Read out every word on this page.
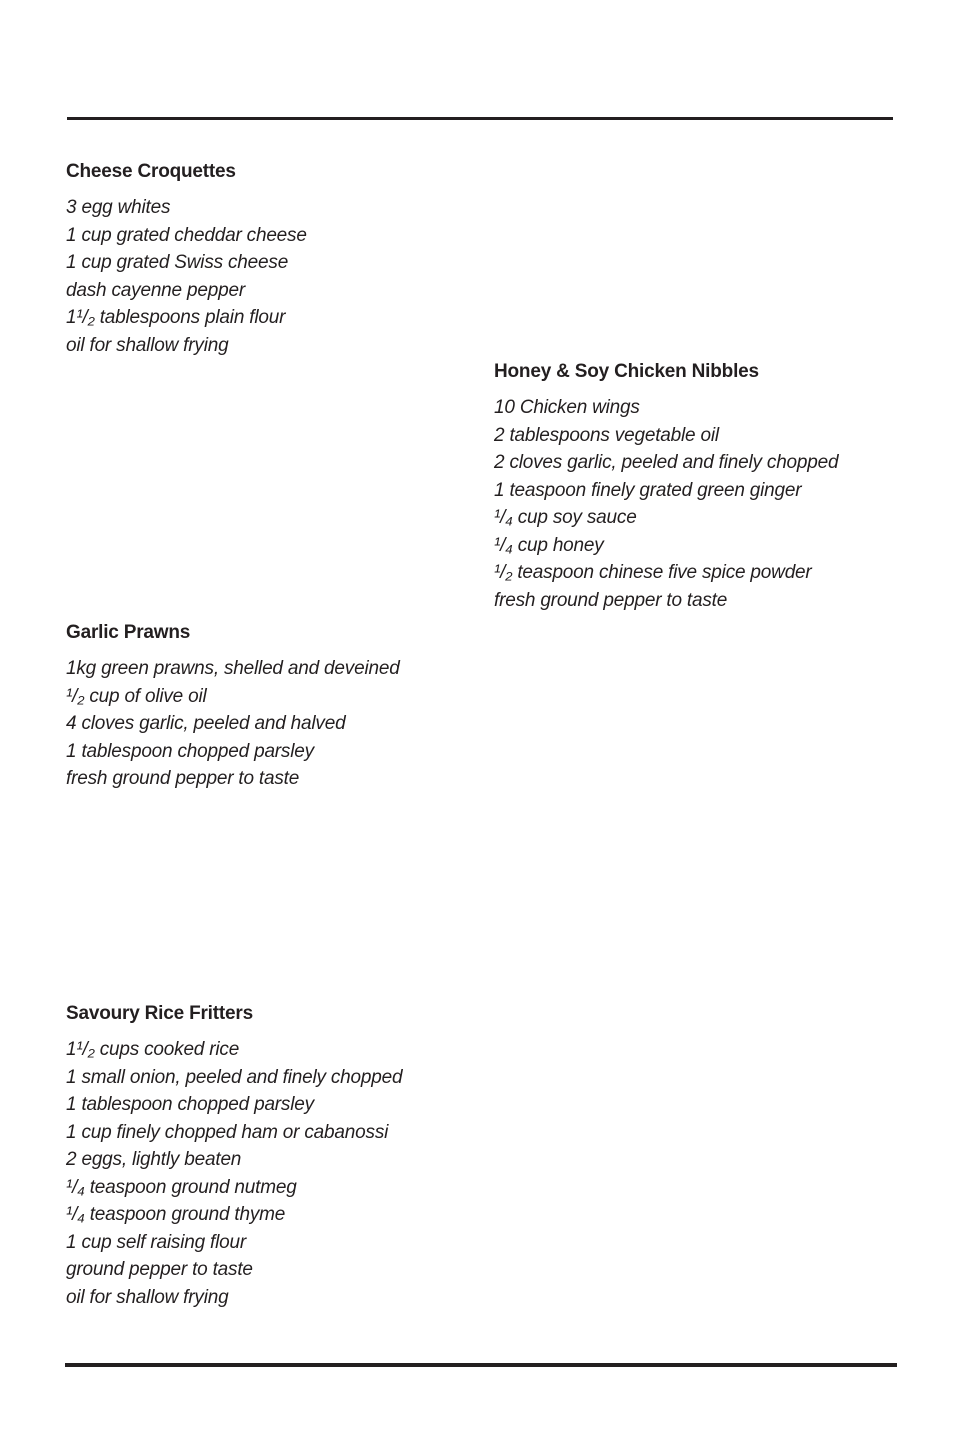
Cheese Croquettes
3 egg whites
1 cup grated cheddar cheese
1 cup grated Swiss cheese
dash cayenne pepper
1¹/₂ tablespoons plain flour
oil for shallow frying
Honey & Soy Chicken Nibbles
10 Chicken wings
2 tablespoons vegetable oil
2 cloves garlic, peeled and finely chopped
1 teaspoon finely grated green ginger
¹/₄ cup soy sauce
¹/₄ cup honey
¹/₂ teaspoon chinese five spice powder
fresh ground pepper to taste
Garlic Prawns
1kg green prawns, shelled and deveined
¹/₂ cup of olive oil
4 cloves garlic, peeled and halved
1 tablespoon chopped parsley
fresh ground pepper to taste
Savoury Rice Fritters
1¹/₂ cups cooked rice
1 small onion, peeled and finely chopped
1 tablespoon chopped parsley
1 cup finely chopped ham or cabanossi
2 eggs, lightly beaten
¹/₄ teaspoon ground nutmeg
¹/₄ teaspoon ground thyme
1 cup self raising flour
ground pepper to taste
oil for shallow frying
